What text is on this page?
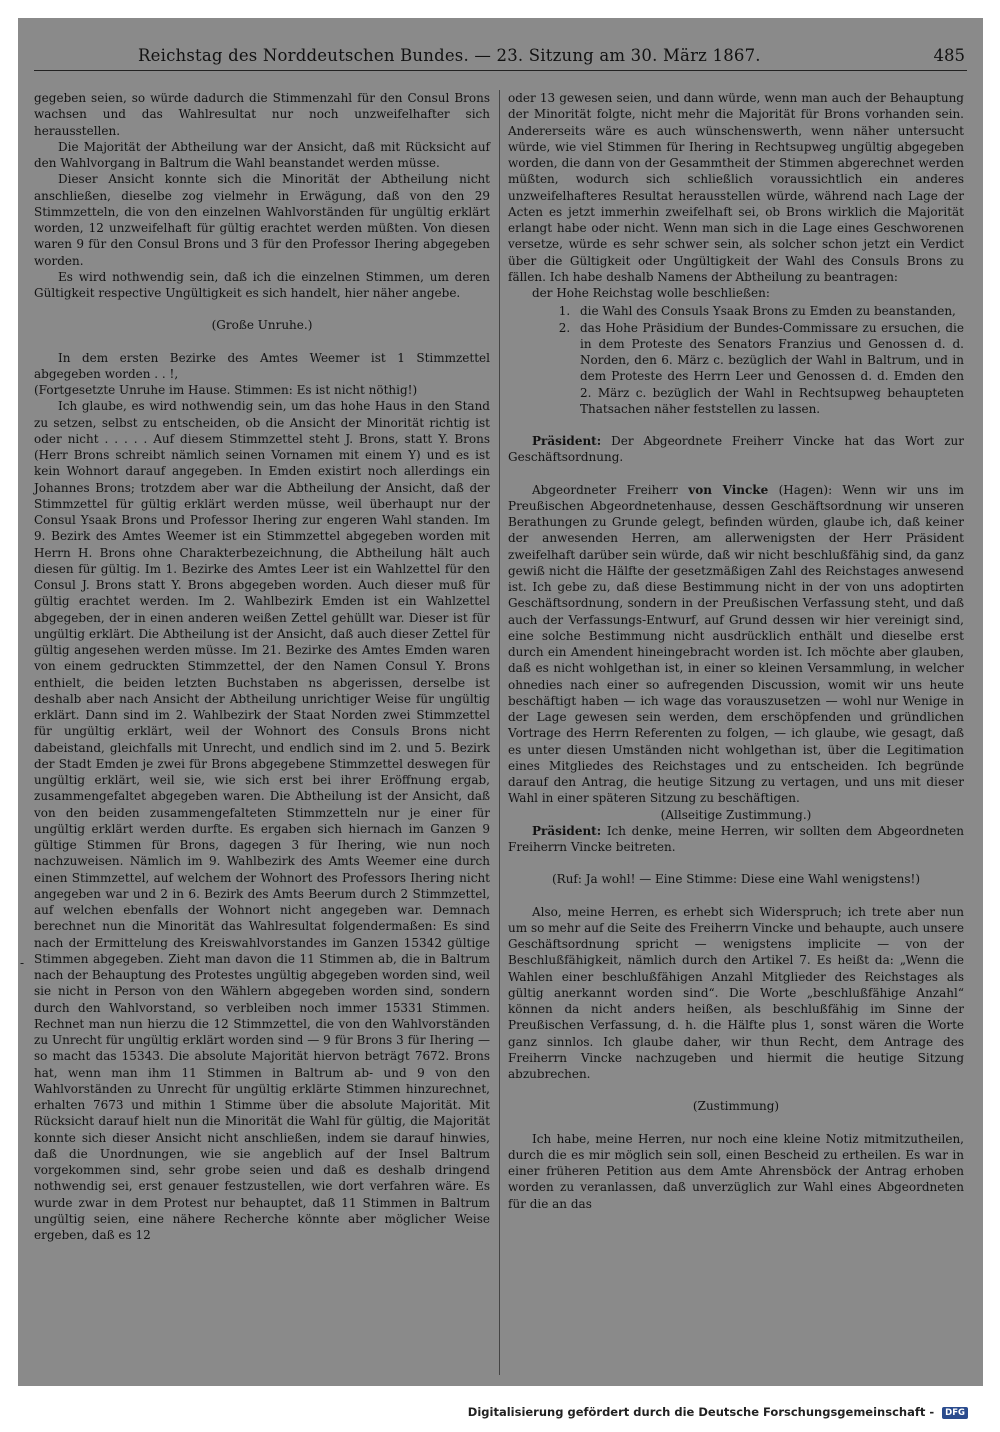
Reichstag des Norddeutschen Bundes. — 23. Sitzung am 30. März 1867.	485
-

gegeben seien, so würde dadurch die Stimmenzahl für den Consul Brons wachsen und das Wahlresultat nur noch unzweifelhafter sich herausstellen.

Die Majorität der Abtheilung war der Ansicht, daß mit Rücksicht auf den Wahlvorgang in Baltrum die Wahl beanstandet werden müsse.

Dieser Ansicht konnte sich die Minorität der Abtheilung nicht anschließen, dieselbe zog vielmehr in Erwägung, daß von den 29 Stimmzetteln, die von den einzelnen Wahlvorständen für ungültig erklärt worden, 12 unzweifelhaft für gültig erachtet werden müßten. Von diesen waren 9 für den Consul Brons und 3 für den Professor Ihering abgegeben worden.

Es wird nothwendig sein, daß ich die einzelnen Stimmen, um deren Gültigkeit respective Ungültigkeit es sich handelt, hier näher angebe.

(Große Unruhe.)

In dem ersten Bezirke des Amtes Weemer ist 1 Stimmzettel abgegeben worden . . !,

(Fortgesetzte Unruhe im Hause. Stimmen: Es ist nicht nöthig!)

Ich glaube, es wird nothwendig sein, um das hohe Haus in den Stand zu setzen, selbst zu entscheiden, ob die Ansicht der Minorität richtig ist oder nicht . . . . . Auf diesem Stimmzettel steht J. Brons, statt Y. Brons (Herr Brons schreibt nämlich seinen Vornamen mit einem Y) und es ist kein Wohnort darauf angegeben. In Emden existirt noch allerdings ein Johannes Brons; trotzdem aber war die Abtheilung der Ansicht, daß der Stimmzettel für gültig erklärt werden müsse, weil überhaupt nur der Consul Ysaak Brons und Professor Ihering zur engeren Wahl standen. Im 9. Bezirk des Amtes Weemer ist ein Stimmzettel abgegeben worden mit Herrn H. Brons ohne Charakterbezeichnung, die Abtheilung hält auch diesen für gültig. Im 1. Bezirke des Amtes Leer ist ein Wahlzettel für den Consul J. Brons statt Y. Brons abgegeben worden. Auch dieser muß für gültig erachtet werden. Im 2. Wahlbezirk Emden ist ein Wahlzettel abgegeben, der in einen anderen weißen Zettel gehüllt war. Dieser ist für ungültig erklärt. Die Abtheilung ist der Ansicht, daß auch dieser Zettel für gültig angesehen werden müsse. Im 21. Bezirke des Amtes Emden waren von einem gedruckten Stimmzettel, der den Namen Consul Y. Brons enthielt, die beiden letzten Buchstaben ns abgerissen, derselbe ist deshalb aber nach Ansicht der Abtheilung unrichtiger Weise für ungültig erklärt. Dann sind im 2. Wahlbezirk der Staat Norden zwei Stimmzettel für ungültig erklärt, weil der Wohnort des Consuls Brons nicht dabeistand, gleichfalls mit Unrecht, und endlich sind im 2. und 5. Bezirk der Stadt Emden je zwei für Brons abgegebene Stimmzettel deswegen für ungültig erklärt, weil sie, wie sich erst bei ihrer Eröffnung ergab, zusammengefaltet abgegeben waren. Die Abtheilung ist der Ansicht, daß von den beiden zusammengefalteten Stimmzetteln nur je einer für ungültig erklärt werden durfte. Es ergaben sich hiernach im Ganzen 9 gültige Stimmen für Brons, dagegen 3 für Ihering, wie nun noch nachzuweisen. Nämlich im 9. Wahlbezirk des Amts Weemer eine durch einen Stimmzettel, auf welchem der Wohnort des Professors Ihering nicht angegeben war und 2 in 6. Bezirk des Amts Beerum durch 2 Stimmzettel, auf welchen ebenfalls der Wohnort nicht angegeben war. Demnach berechnet nun die Minorität das Wahlresultat folgendermaßen: Es sind nach der Ermittelung des Kreiswahlvorstandes im Ganzen 15342 gültige Stimmen abgegeben. Zieht man davon die 11 Stimmen ab, die in Baltrum nach der Behauptung des Protestes ungültig abgegeben worden sind, weil sie nicht in Person von den Wählern abgegeben worden sind, sondern durch den Wahlvorstand, so verbleiben noch immer 15331 Stimmen. Rechnet man nun hierzu die 12 Stimmzettel, die von den Wahlvorständen zu Unrecht für ungültig erklärt worden sind — 9 für Brons 3 für Ihering — so macht das 15343. Die absolute Majorität hiervon beträgt 7672. Brons hat, wenn man ihm 11 Stimmen in Baltrum ab- und 9 von den Wahlvorständen zu Unrecht für ungültig erklärte Stimmen hinzurechnet, erhalten 7673 und mithin 1 Stimme über die absolute Majorität. Mit Rücksicht darauf hielt nun die Minorität die Wahl für gültig, die Majorität konnte sich dieser Ansicht nicht anschließen, indem sie darauf hinwies, daß die Unordnungen, wie sie angeblich auf der Insel Baltrum vorgekommen sind, sehr grobe seien und daß es deshalb dringend nothwendig sei, erst genauer festzustellen, wie dort verfahren wäre. Es wurde zwar in dem Protest nur behauptet, daß 11 Stimmen in Baltrum ungültig seien, eine nähere Recherche könnte aber möglicher Weise ergeben, daß es 12

oder 13 gewesen seien, und dann würde, wenn man auch der Behauptung der Minorität folgte, nicht mehr die Majorität für Brons vorhanden sein. Andererseits wäre es auch wünschenswerth, wenn näher untersucht würde, wie viel Stimmen für Ihering in Rechtsupweg ungültig abgegeben worden, die dann von der Gesammtheit der Stimmen abgerechnet werden müßten, wodurch sich schließlich voraussichtlich ein anderes unzweifelhafteres Resultat herausstellen würde, während nach Lage der Acten es jetzt immerhin zweifelhaft sei, ob Brons wirklich die Majorität erlangt habe oder nicht. Wenn man sich in die Lage eines Geschworenen versetze, würde es sehr schwer sein, als solcher schon jetzt ein Verdict über die Gültigkeit oder Ungültigkeit der Wahl des Consuls Brons zu fällen. Ich habe deshalb Namens der Abtheilung zu beantragen:

der Hohe Reichstag wolle beschließen:

1. die Wahl des Consuls Ysaak Brons zu Emden zu beanstanden,
2. das Hohe Präsidium der Bundes-Commissare zu ersuchen, die in dem Proteste des Senators Franzius und Genossen d. d. Norden, den 6. März c. bezüglich der Wahl in Baltrum, und in dem Proteste des Herrn Leer und Genossen d. d. Emden den 2. März c. bezüglich der Wahl in Rechtsupweg behaupteten Thatsachen näher feststellen zu lassen.

Präsident: Der Abgeordnete Freiherr Vincke hat das Wort zur Geschäftsordnung.

Abgeordneter Freiherr von Vincke (Hagen): Wenn wir uns im Preußischen Abgeordnetenhause, dessen Geschäftsordnung wir unseren Berathungen zu Grunde gelegt, befinden würden, glaube ich, daß keiner der anwesenden Herren, am allerwenigsten der Herr Präsident zweifelhaft darüber sein würde, daß wir nicht beschlußfähig sind, da ganz gewiß nicht die Hälfte der gesetzmäßigen Zahl des Reichstages anwesend ist. Ich gebe zu, daß diese Bestimmung nicht in der von uns adoptirten Geschäftsordnung, sondern in der Preußischen Verfassung steht, und daß auch der Verfassungs-Entwurf, auf Grund dessen wir hier vereinigt sind, eine solche Bestimmung nicht ausdrücklich enthält und dieselbe erst durch ein Amendent hineingebracht worden ist. Ich möchte aber glauben, daß es nicht wohlgethan ist, in einer so kleinen Versammlung, in welcher ohnedies nach einer so aufregenden Discussion, womit wir uns heute beschäftigt haben — ich wage das vorauszusetzen — wohl nur Wenige in der Lage gewesen sein werden, dem erschöpfenden und gründlichen Vortrage des Herrn Referenten zu folgen, — ich glaube, wie gesagt, daß es unter diesen Umständen nicht wohlgethan ist, über die Legitimation eines Mitgliedes des Reichstages und zu entscheiden. Ich begründe darauf den Antrag, die heutige Sitzung zu vertagen, und uns mit dieser Wahl in einer späteren Sitzung zu beschäftigen.

(Allseitige Zustimmung.)

Präsident: Ich denke, meine Herren, wir sollten dem Abgeordneten Freiherrn Vincke beitreten.

(Ruf: Ja wohl! — Eine Stimme: Diese eine Wahl wenigstens!)

Also, meine Herren, es erhebt sich Widerspruch; ich trete aber nun um so mehr auf die Seite des Freiherrn Vincke und behaupte, auch unsere Geschäftsordnung spricht — wenigstens implicite — von der Beschlußfähigkeit, nämlich durch den Artikel 7. Es heißt da: „Wenn die Wahlen einer beschlußfähigen Anzahl Mitglieder des Reichstages als gültig anerkannt worden sind“. Die Worte „beschlußfähige Anzahl“ können da nicht anders heißen, als beschlußfähig im Sinne der Preußischen Verfassung, d. h. die Hälfte plus 1, sonst wären die Worte ganz sinnlos. Ich glaube daher, wir thun Recht, dem Antrage des Freiherrn Vincke nachzugeben und hiermit die heutige Sitzung abzubrechen.

(Zustimmung)

Ich habe, meine Herren, nur noch eine kleine Notiz mitmitzutheilen, durch die es mir möglich sein soll, einen Bescheid zu ertheilen. Es war in einer früheren Petition aus dem Amte Ahrensböck der Antrag erhoben worden zu veranlassen, daß unverzüglich zur Wahl eines Abgeordneten für die an das

Digitalisierung gefördert durch die Deutsche Forschungsgemeinschaft - DFG
